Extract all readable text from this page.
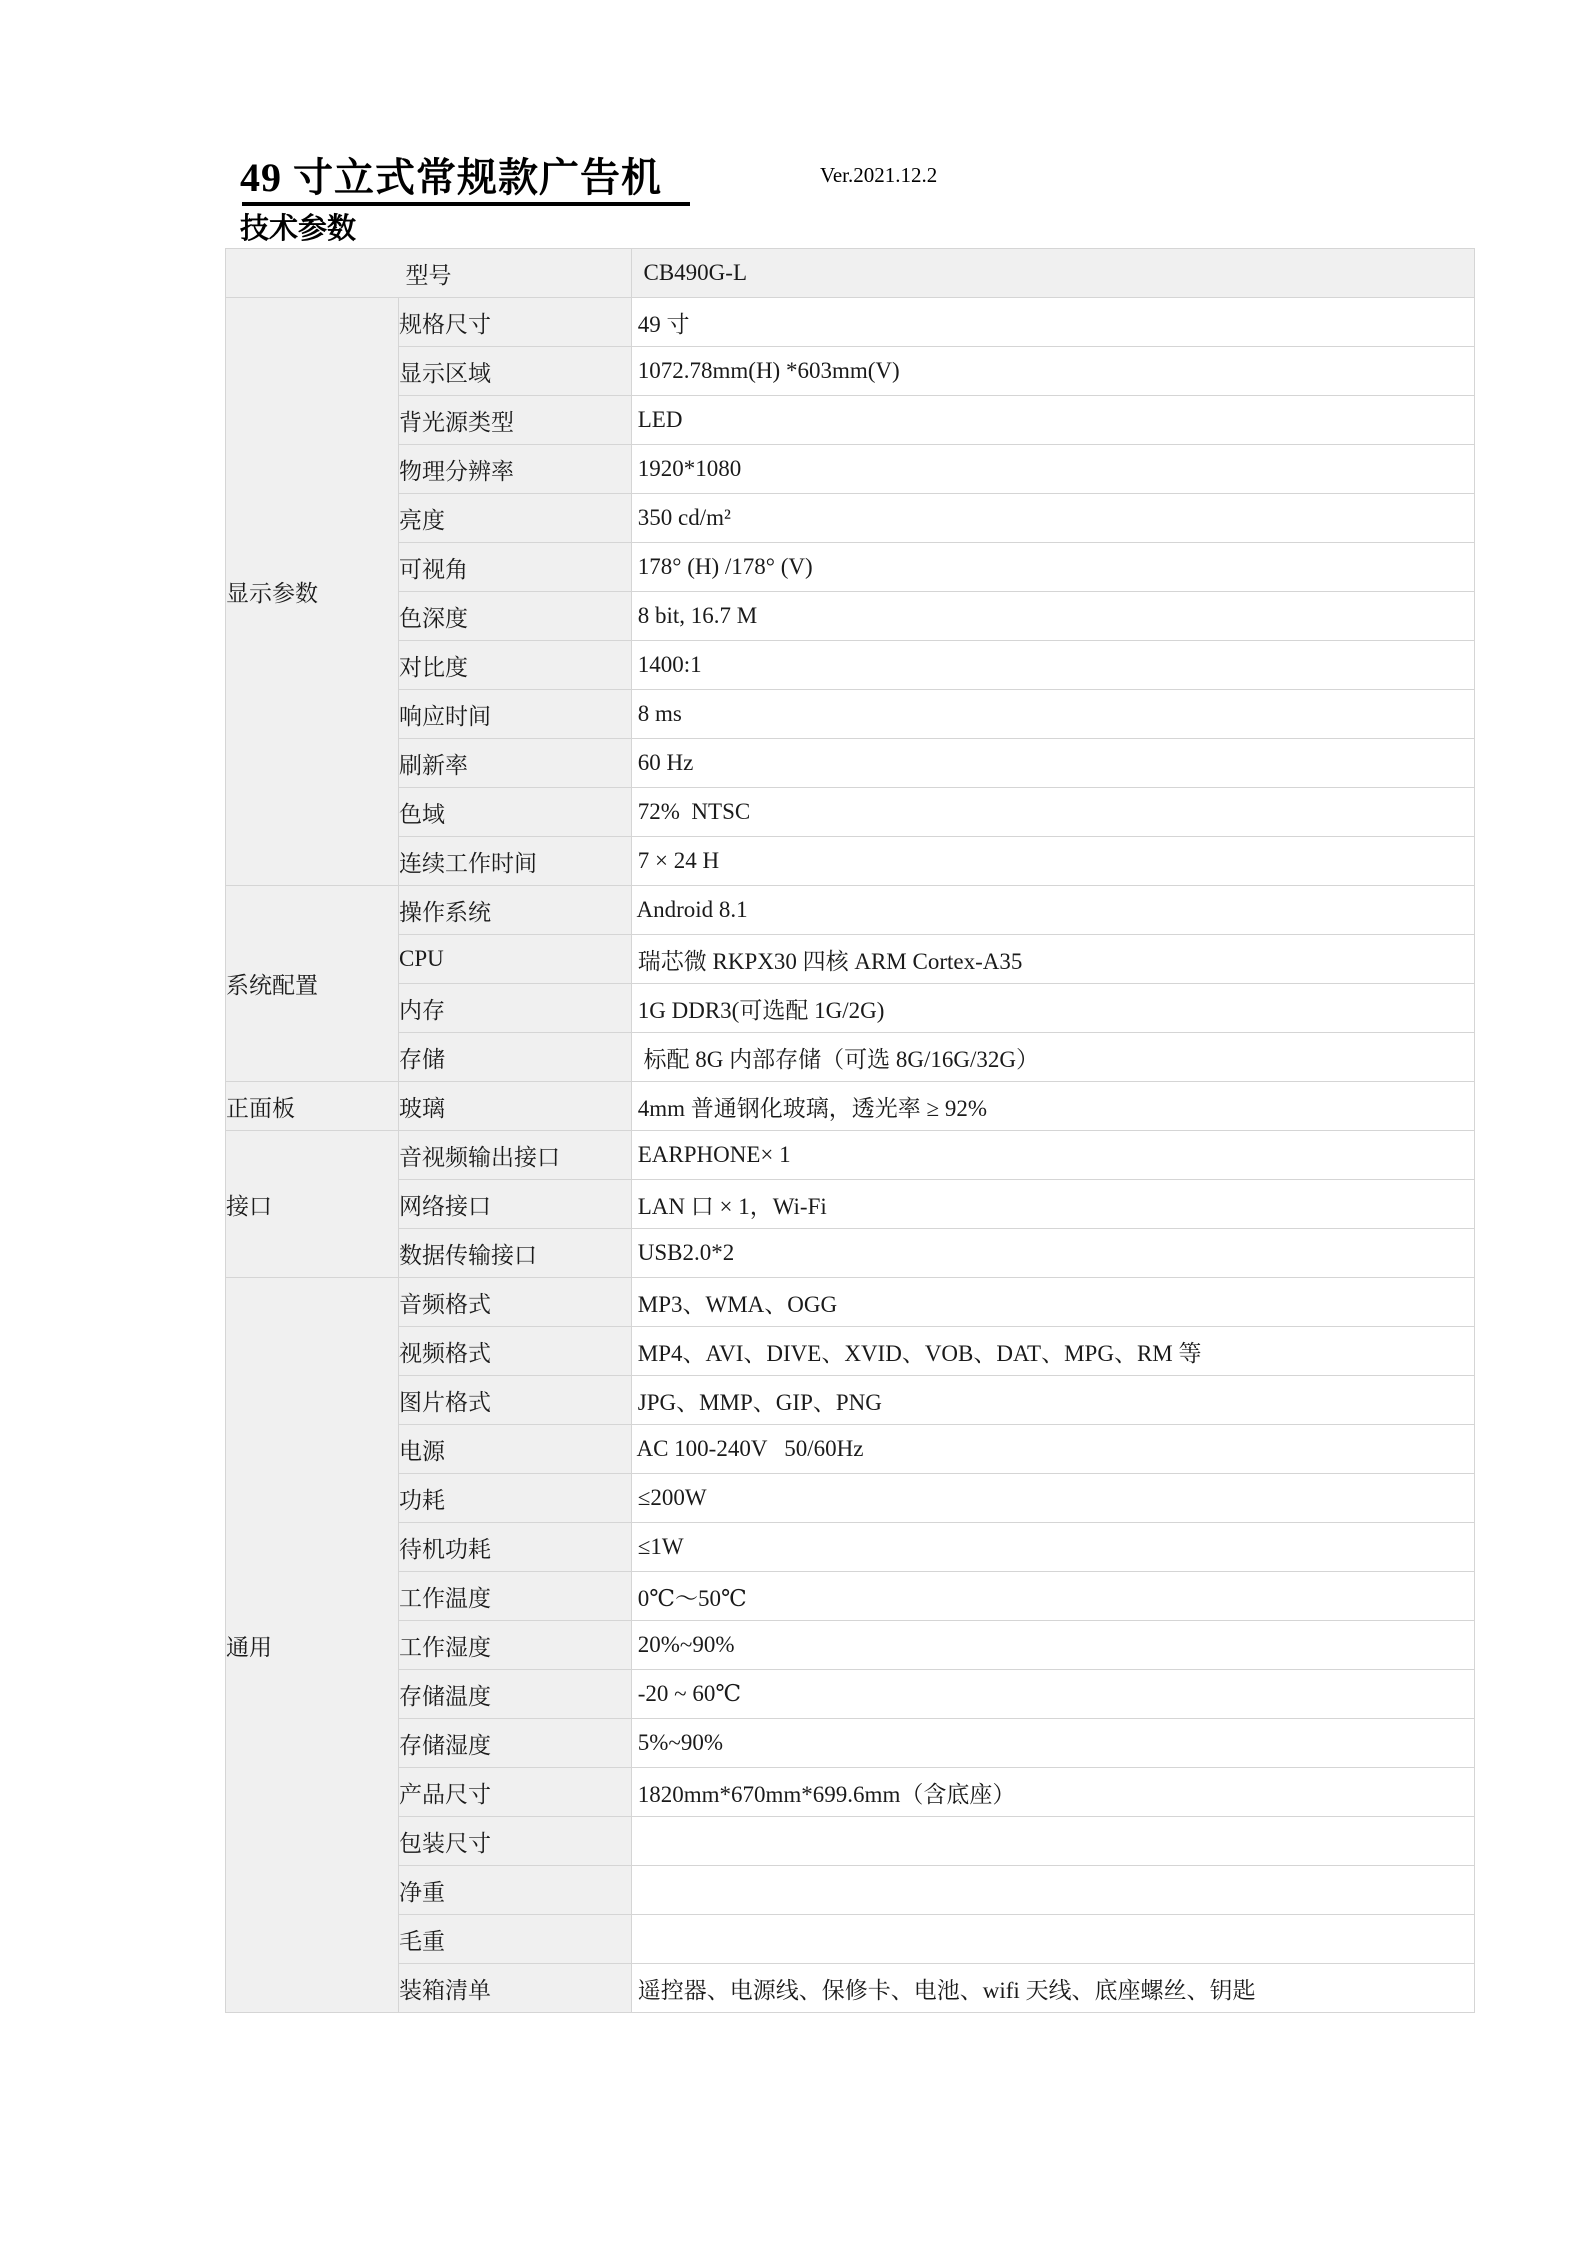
49 寸立式常规款广告机	Ver.2021.12.2
技术参数
型号		CB490G-L
显示参数	规格尺寸	49 寸
	显示区域	1072.78mm(H) *603mm(V)
	背光源类型	LED
	物理分辨率	1920*1080
	亮度	350 cd/m²
	可视角	178° (H) /178° (V)
	色深度	8 bit, 16.7 M
	对比度	1400:1
	响应时间	8 ms
	刷新率	60 Hz
	色域	72%  NTSC
	连续工作时间	7 × 24 H
系统配置	操作系统	Android 8.1
	CPU	瑞芯微 RKPX30 四核 ARM Cortex-A35
	内存	1G DDR3(可选配 1G/2G)
	存储	标配 8G 内部存储（可选 8G/16G/32G）
正面板	玻璃	4mm 普通钢化玻璃，透光率 ≥ 92%
接口	音视频输出接口	EARPHONE× 1
	网络接口	LAN 口 × 1，Wi-Fi
	数据传输接口	USB2.0*2
通用	音频格式	MP3、WMA、OGG
	视频格式	MP4、AVI、DIVE、XVID、VOB、DAT、MPG、RM 等
	图片格式	JPG、MMP、GIP、PNG
	电源	AC 100-240V   50/60Hz
	功耗	≤200W
	待机功耗	≤1W
	工作温度	0℃～50℃
	工作湿度	20%~90%
	存储温度	-20 ~ 60℃
	存储湿度	5%~90%
	产品尺寸	1820mm*670mm*699.6mm（含底座）
	包装尺寸	
	净重	
	毛重	
	装箱清单	遥控器、电源线、保修卡、电池、wifi 天线、底座螺丝、钥匙
